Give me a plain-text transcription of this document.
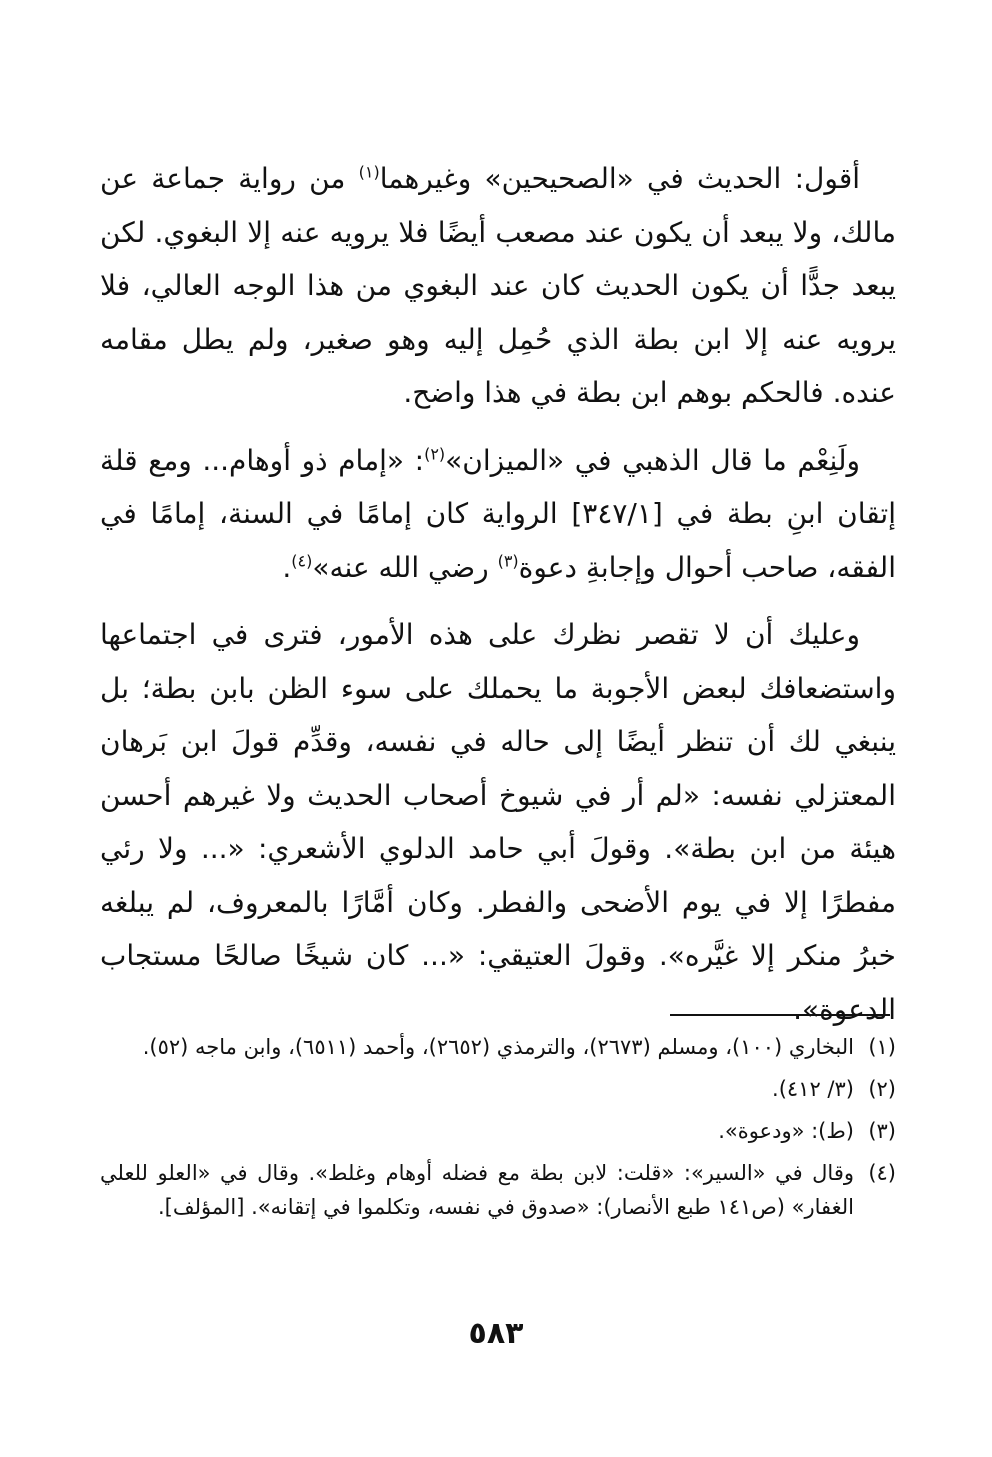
أقول: الحديث في «الصحيحين» وغيرهما$^{(١)}$ من رواية جماعة عن مالك، ولا يبعد أن يكون عند مصعب أيضًا فلا يرويه عنه إلا البغوي. لكن يبعد جدًّا أن يكون الحديث كان عند البغوي من هذا الوجه العالي، فلا يرويه عنه إلا ابن بطة الذي حُمِل إليه وهو صغير، ولم يطل مقامه عنده. فالحكم بوهم ابن بطة في هذا واضح.

ولَنِعْم ما قال الذهبي في «الميزان»$^{(٢)}$: «إمام ذو أوهام... ومع قلة إتقان ابنِ بطة في [٣٤٧/١] الرواية كان إمامًا في السنة، إمامًا في الفقه، صاحب أحوال وإجابةِ دعوة$^{(٣)}$ رضي الله عنه»$^{(٤)}$.

وعليك أن لا تقصر نظرك على هذه الأمور، فترى في اجتماعها واستضعافك لبعض الأجوبة ما يحملك على سوء الظن بابن بطة؛ بل ينبغي لك أن تنظر أيضًا إلى حاله في نفسه، وقدِّم قولَ ابن بَرهان المعتزلي نفسه: «لم أر في شيوخ أصحاب الحديث ولا غيرهم أحسن هيئة من ابن بطة». وقولَ أبي حامد الدلوي الأشعري: «... ولا رئي مفطرًا إلا في يوم الأضحى والفطر. وكان أمَّارًا بالمعروف، لم يبلغه خبرُ منكر إلا غيَّره». وقولَ العتيقي: «... كان شيخًا صالحًا مستجاب الدعوة».

(١)
البخاري (١٠٠)، ومسلم (٢٦٧٣)، والترمذي (٢٦٥٢)، وأحمد (٦٥١١)، وابن ماجه (٥٢).
(٢)
(٣/ ٤١٢).
(٣)
(ط): «ودعوة».
(٤)
وقال في «السير»: «قلت: لابن بطة مع فضله أوهام وغلط». وقال في «العلو للعلي الغفار» (ص١٤١ طبع الأنصار): «صدوق في نفسه، وتكلموا في إتقانه». [المؤلف].
٥٨٣
